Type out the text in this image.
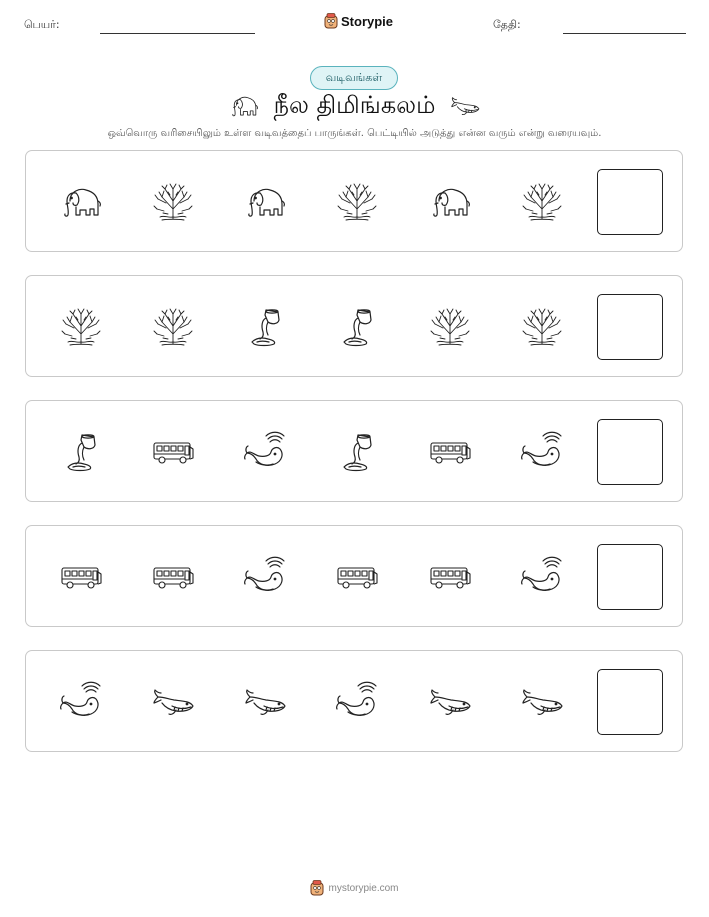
பெயர்:	Storypie	தேதி:
வடிவங்கள்
நீல திமிங்கலம்
ஒவ்வொரு வரிசையிலும் உள்ள வடிவத்தைப் பாருங்கள். பெட்டியில் அடுத்து என்ன வரும் என்று வரையவும்.
mystorypie.com
